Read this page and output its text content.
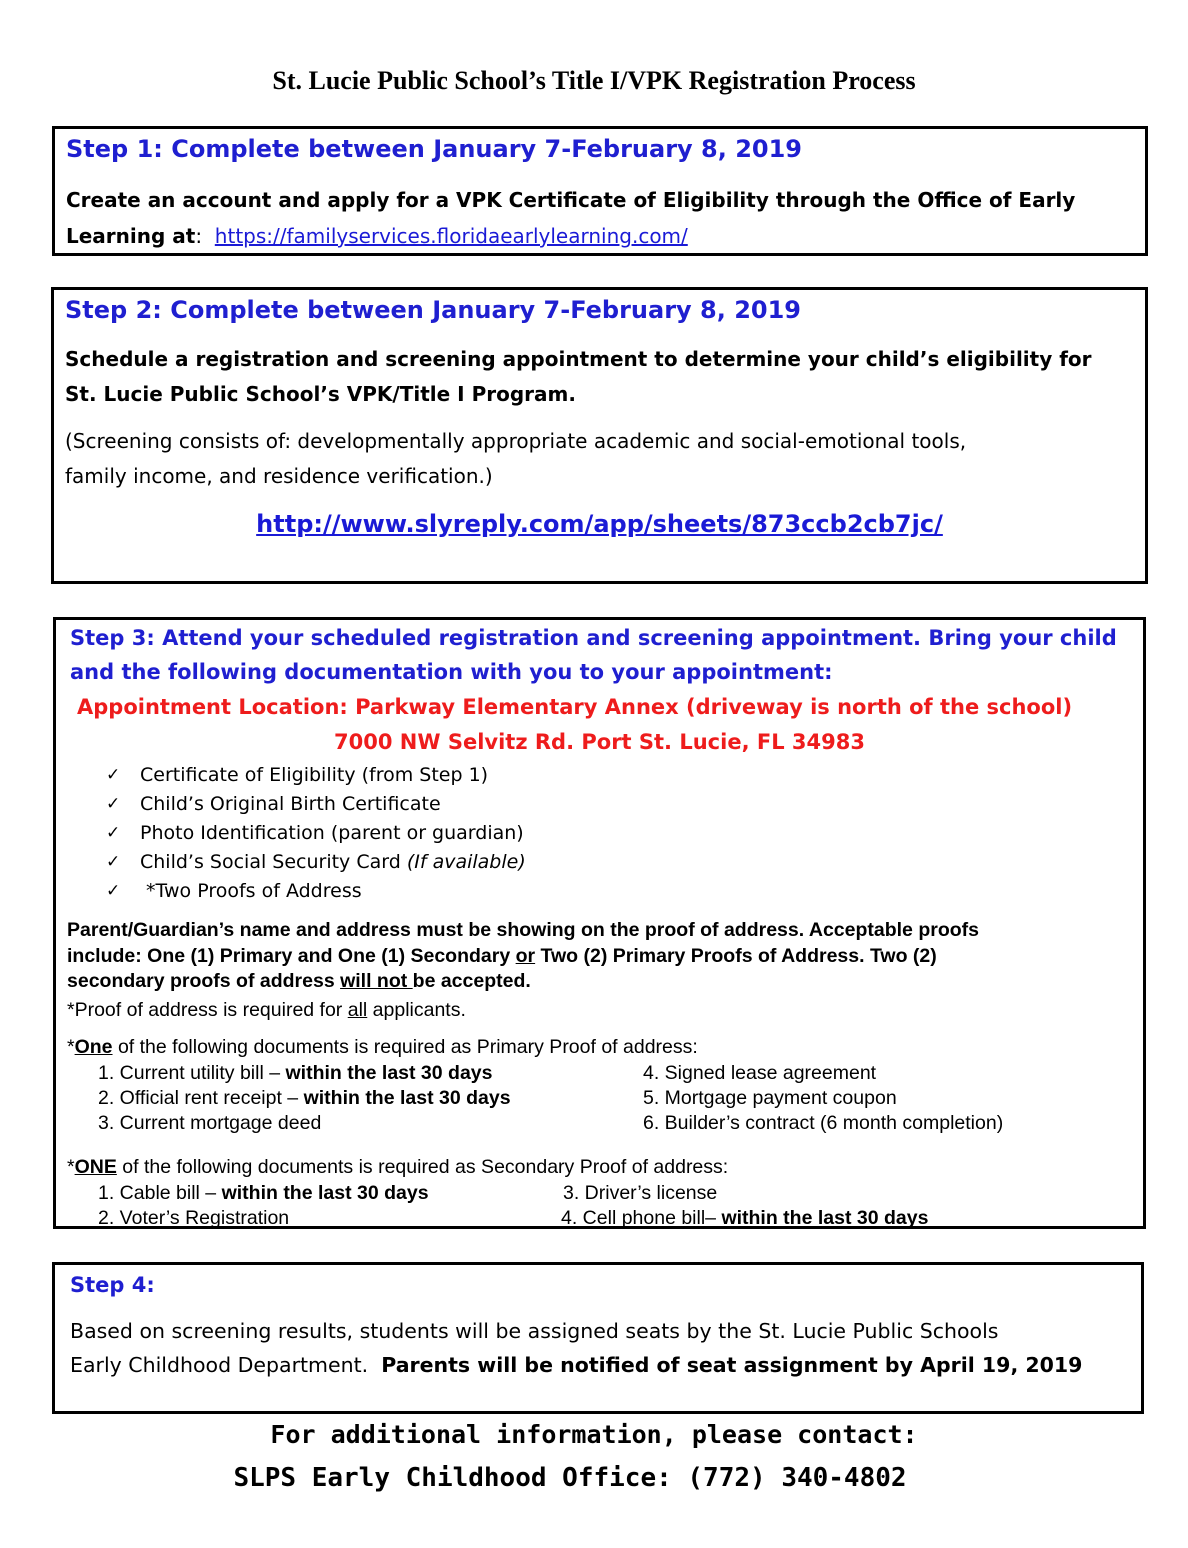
St. Lucie Public School’s Title I/VPK Registration Process

Step 1: Complete between January 7-February 8, 2019

Create an account and apply for a VPK Certificate of Eligibility through the Office of Early

Learning at:  https://familyservices.floridaearlylearning.com/

Step 2: Complete between January 7-February 8, 2019

Schedule a registration and screening appointment to determine your child’s eligibility for

St. Lucie Public School’s VPK/Title I Program.

(Screening consists of: developmentally appropriate academic and social-emotional tools,

family income, and residence verification.)

http://www.slyreply.com/app/sheets/873ccb2cb7jc/

Step 3: Attend your scheduled registration and screening appointment. Bring your child

and the following documentation with you to your appointment:

Appointment Location: Parkway Elementary Annex (driveway is north of the school)

7000 NW Selvitz Rd. Port St. Lucie, FL 34983

✓	Certificate of Eligibility (from Step 1)
✓	Child’s Original Birth Certificate
✓	Photo Identification (parent or guardian)
✓	Child’s Social Security Card (If available)
✓	*Two Proofs of Address
Parent/Guardian’s name and address must be showing on the proof of address. Acceptable proofs
include: One (1) Primary and One (1) Secondary or Two (2) Primary Proofs of Address. Two (2)
secondary proofs of address will not be accepted.

*Proof of address is required for all applicants.

*One of the following documents is required as Primary Proof of address:

1. Current utility bill – within the last 30 days
2. Official rent receipt – within the last 30 days
3. Current mortgage deed
4. Signed lease agreement
5. Mortgage payment coupon
6. Builder’s contract (6 month completion)

*ONE of the following documents is required as Secondary Proof of address:

1. Cable bill – within the last 30 days
2. Voter’s Registration
3. Driver’s license
4. Cell phone bill– within the last 30 days

Step 4:

Based on screening results, students will be assigned seats by the St. Lucie Public Schools

Early Childhood Department.  Parents will be notified of seat assignment by April 19, 2019

For additional information, please contact:

SLPS Early Childhood Office: (772) 340-4802
